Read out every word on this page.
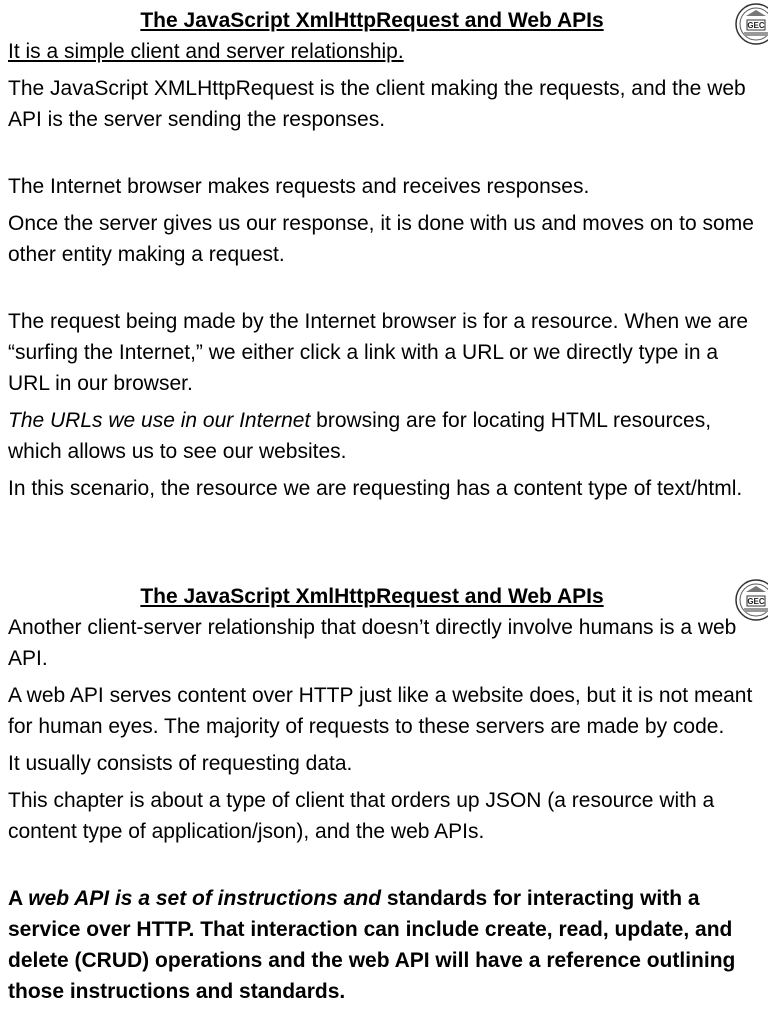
The JavaScript XmlHttpRequest and Web APIs

It is a simple client and server relationship.

The JavaScript XMLHttpRequest is the client making the requests, and the web API is the server sending the responses.

The Internet browser makes requests and receives responses.

Once the server gives us our response, it is done with us and moves on to some other entity making a request.

The request being made by the Internet browser is for a resource. When we are “surfing the Internet,” we either click a link with a URL or we directly type in a URL in our browser.

The URLs we use in our Internet browsing are for locating HTML resources, which allows us to see our websites.

In this scenario, the resource we are requesting has a content type of text/html.

The JavaScript XmlHttpRequest and Web APIs

Another client-server relationship that doesn’t directly involve humans is a web API.

A web API serves content over HTTP just like a website does, but it is not meant for human eyes. The majority of requests to these servers are made by code.

It usually consists of requesting data.

This chapter is about a type of client that orders up JSON (a resource with a content type of application/json), and the web APIs.

A web API is a set of instructions and standards for interacting with a service over HTTP. That interaction can include create, read, update, and delete (CRUD) operations and the web API will have a reference outlining those instructions and standards.

GEC
GEC
